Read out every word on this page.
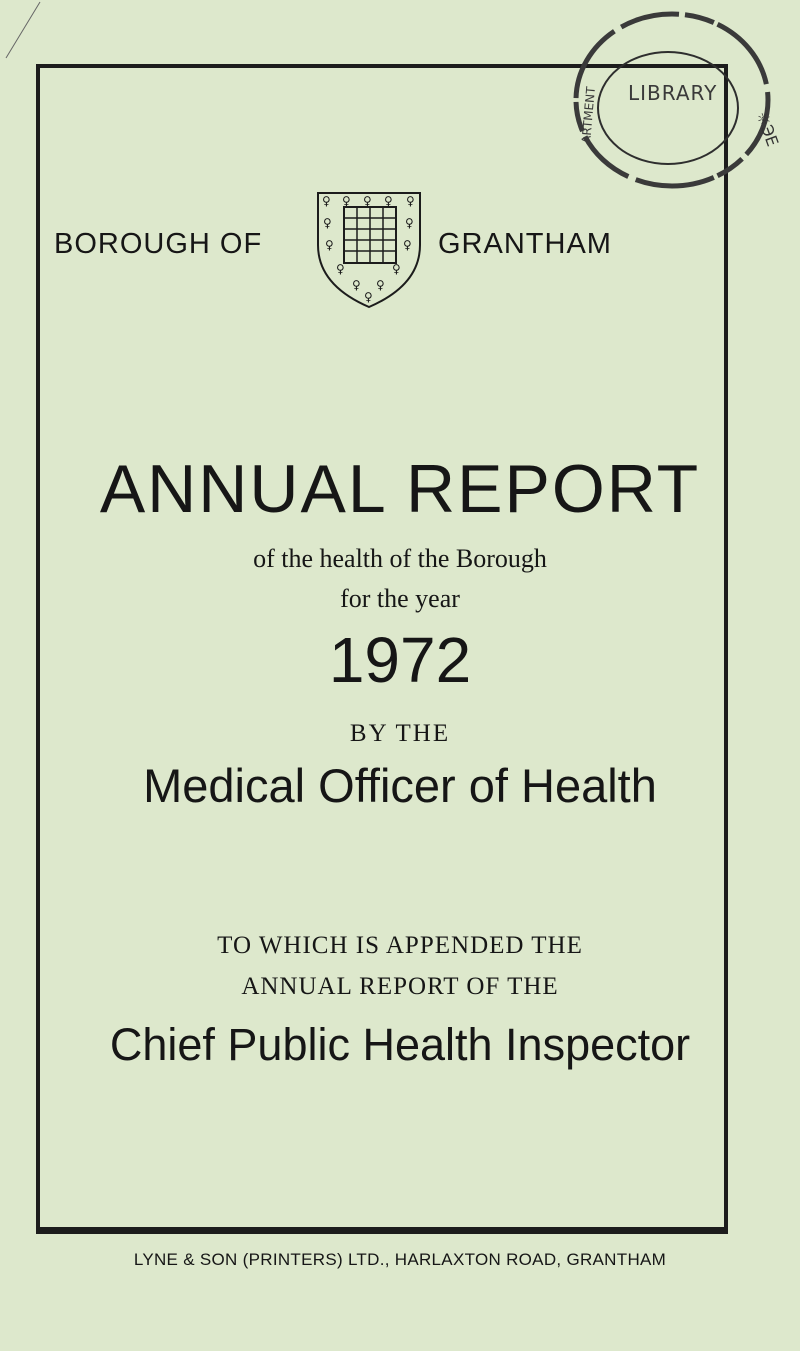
LIBRARY
ARTMENT	☼ЭЕ
♀ ♀ ♀ ♀ ♀
♀	♀
♀	♀
♀	♀
♀ ♀
♀
BOROUGH OF	GRANTHAM
ANNUAL REPORT
of the health of the Borough
for the year
1972
BY THE
Medical Officer of Health
TO WHICH IS APPENDED THE
ANNUAL REPORT OF THE
Chief Public Health Inspector
LYNE & SON (PRINTERS) LTD., HARLAXTON ROAD, GRANTHAM
